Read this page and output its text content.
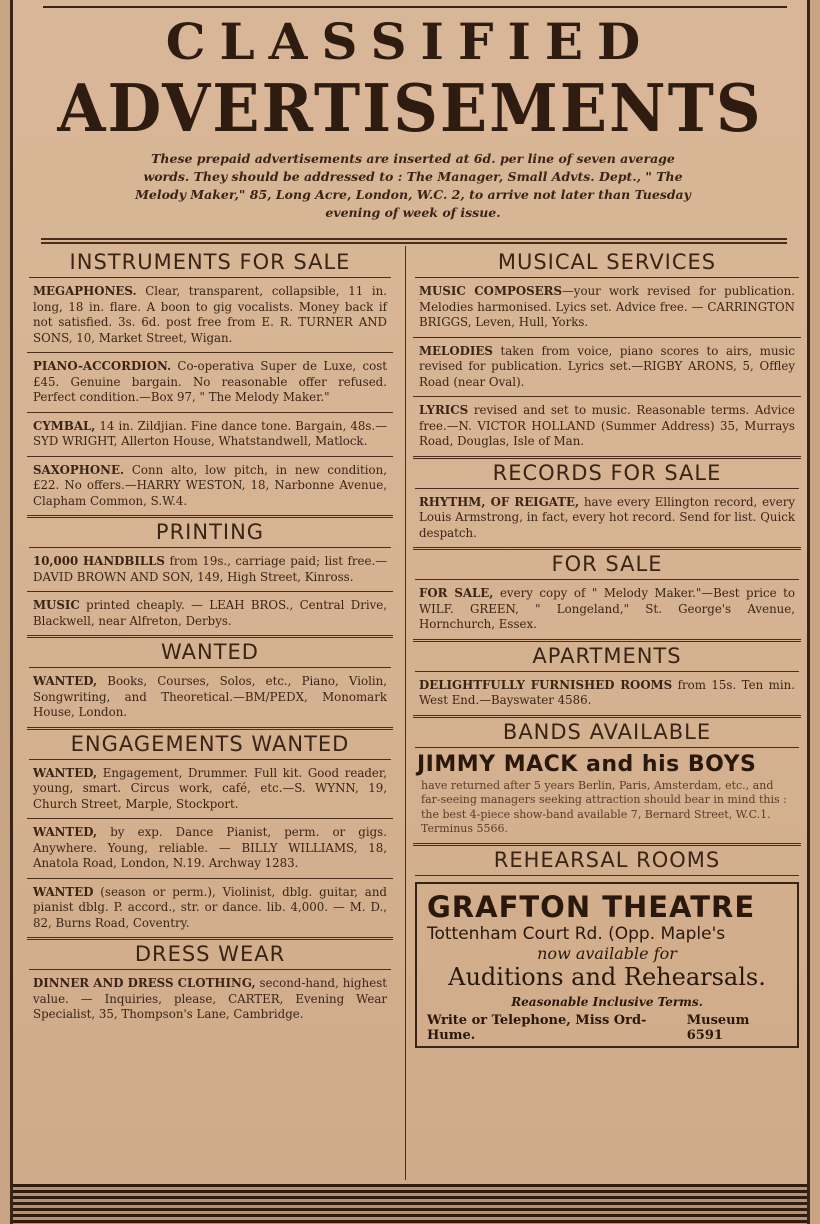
CLASSIFIED
ADVERTISEMENTS
These prepaid advertisements are inserted at 6d. per line of seven average words. They should be addressed to : The Manager, Small Advts. Dept., " The Melody Maker," 85, Long Acre, London, W.C. 2, to arrive not later than Tuesday evening of week of issue.
INSTRUMENTS FOR SALE
MEGAPHONES. Clear, transparent, collapsible, 11 in. long, 18 in. flare. A boon to gig vocalists. Money back if not satisfied. 3s. 6d. post free from E. R. TURNER AND SONS, 10, Market Street, Wigan.
PIANO-ACCORDION. Co-operativa Super de Luxe, cost £45. Genuine bargain. No reasonable offer refused. Perfect condition.—Box 97, " The Melody Maker."
CYMBAL, 14 in. Zildjian. Fine dance tone. Bargain, 48s.—SYD WRIGHT, Allerton House, Whatstandwell, Matlock.
SAXOPHONE. Conn alto, low pitch, in new condition, £22. No offers.—HARRY WESTON, 18, Narbonne Avenue, Clapham Common, S.W.4.
PRINTING
10,000 HANDBILLS from 19s., carriage paid; list free.—DAVID BROWN AND SON, 149, High Street, Kinross.
MUSIC printed cheaply. — LEAH BROS., Central Drive, Blackwell, near Alfreton, Derbys.
WANTED
WANTED, Books, Courses, Solos, etc., Piano, Violin, Songwriting, and Theoretical.—BM/PEDX, Monomark House, London.
ENGAGEMENTS WANTED
WANTED, Engagement, Drummer. Full kit. Good reader, young, smart. Circus work, café, etc.—S. WYNN, 19, Church Street, Marple, Stockport.
WANTED, by exp. Dance Pianist, perm. or gigs. Anywhere. Young, reliable. — BILLY WILLIAMS, 18, Anatola Road, London, N.19. Archway 1283.
WANTED (season or perm.), Violinist, dblg. guitar, and pianist dblg. P. accord., str. or dance. lib. 4,000. — M. D., 82, Burns Road, Coventry.
DRESS WEAR
DINNER AND DRESS CLOTHING, second-hand, highest value. — Inquiries, please, CARTER, Evening Wear Specialist, 35, Thompson's Lane, Cambridge.
MUSICAL SERVICES
MUSIC COMPOSERS—your work revised for publication. Melodies harmonised. Lyics set. Advice free. — CARRINGTON BRIGGS, Leven, Hull, Yorks.
MELODIES taken from voice, piano scores to airs, music revised for publication. Lyrics set.—RIGBY ARONS, 5, Offley Road (near Oval).
LYRICS revised and set to music. Reasonable terms. Advice free.—N. VICTOR HOLLAND (Summer Address) 35, Murrays Road, Douglas, Isle of Man.
RECORDS FOR SALE
RHYTHM, OF REIGATE, have every Ellington record, every Louis Armstrong, in fact, every hot record. Send for list. Quick despatch.
FOR SALE
FOR SALE, every copy of " Melody Maker."—Best price to WILF. GREEN, " Longeland," St. George's Avenue, Hornchurch, Essex.
APARTMENTS
DELIGHTFULLY FURNISHED ROOMS from 15s. Ten min. West End.—Bayswater 4586.
BANDS AVAILABLE
JIMMY MACK and his BOYS
have returned after 5 years Berlin, Paris, Amsterdam, etc., and far-seeing managers seeking attraction should bear in mind this : the best 4-piece show-band available 7, Bernard Street, W.C.1. Terminus 5566.
REHEARSAL ROOMS
GRAFTON THEATRE
Tottenham Court Rd. (Opp. Maple's
now available for
Auditions and Rehearsals.
Reasonable Inclusive Terms.
Write or Telephone, Miss Ord-Hume.
Museum 6591
